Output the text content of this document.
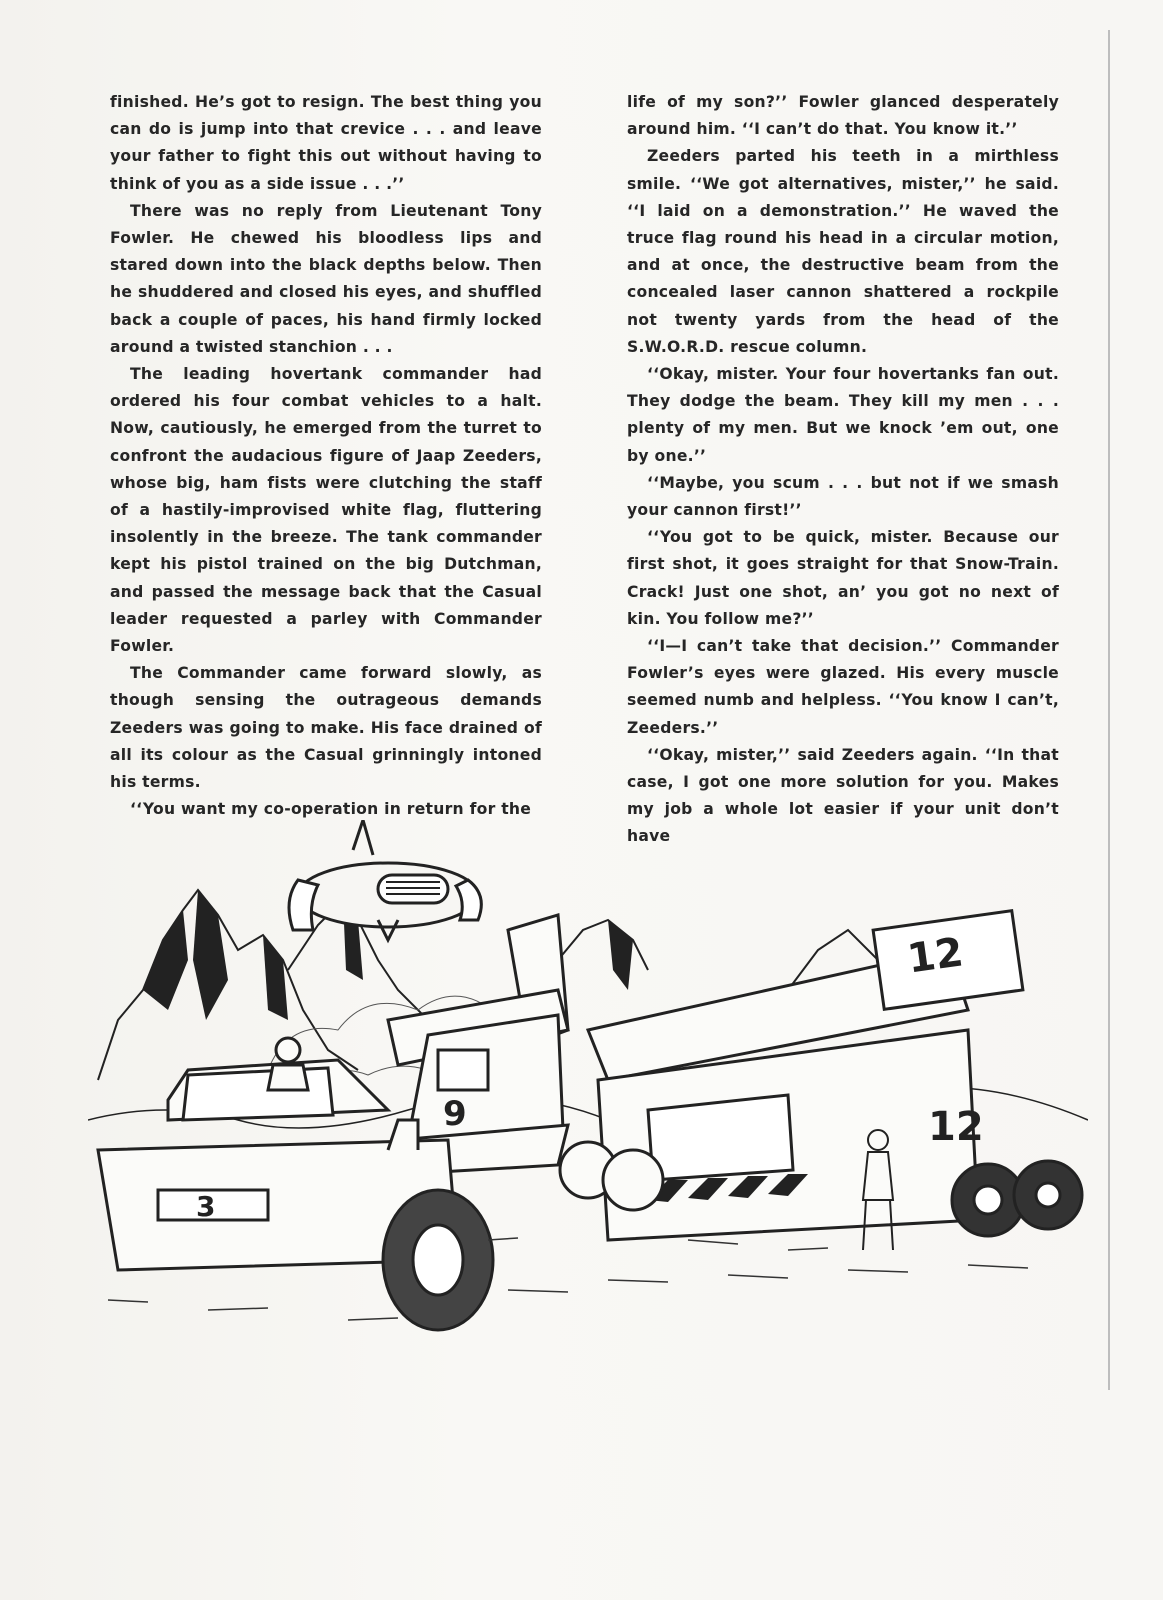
finished. He’s got to resign. The best thing you can do is jump into that crevice . . . and leave your father to fight this out without having to think of you as a side issue . . .’’

There was no reply from Lieutenant Tony Fowler. He chewed his bloodless lips and stared down into the black depths below. Then he shuddered and closed his eyes, and shuffled back a couple of paces, his hand firmly locked around a twisted stanchion . . .

The leading hovertank commander had ordered his four combat vehicles to a halt. Now, cautiously, he emerged from the turret to confront the audacious figure of Jaap Zeeders, whose big, ham fists were clutching the staff of a hastily-improvised white flag, fluttering insolently in the breeze. The tank commander kept his pistol trained on the big Dutchman, and passed the message back that the Casual leader requested a parley with Commander Fowler.

The Commander came forward slowly, as though sensing the outrageous demands Zeeders was going to make. His face drained of all its colour as the Casual grinningly intoned his terms.

‘‘You want my co-operation in return for the

life of my son?’’ Fowler glanced desperately around him. ‘‘I can’t do that. You know it.’’

Zeeders parted his teeth in a mirthless smile. ‘‘We got alternatives, mister,’’ he said. ‘‘I laid on a demonstration.’’ He waved the truce flag round his head in a circular motion, and at once, the destructive beam from the concealed laser cannon shattered a rockpile not twenty yards from the head of the S.W.O.R.D. rescue column.

‘‘Okay, mister. Your four hovertanks fan out. They dodge the beam. They kill my men . . . plenty of my men. But we knock ’em out, one by one.’’

‘‘Maybe, you scum . . . but not if we smash your cannon first!’’

‘‘You got to be quick, mister. Because our first shot, it goes straight for that Snow-Train. Crack! Just one shot, an’ you got no next of kin. You follow me?’’

‘‘I—I can’t take that decision.’’ Commander Fowler’s eyes were glazed. His every muscle seemed numb and helpless. ‘‘You know I can’t, Zeeders.’’

‘‘Okay, mister,’’ said Zeeders again. ‘‘In that case, I got one more solution for you. Makes my job a whole lot easier if your unit don’t have

9
12
12
3
